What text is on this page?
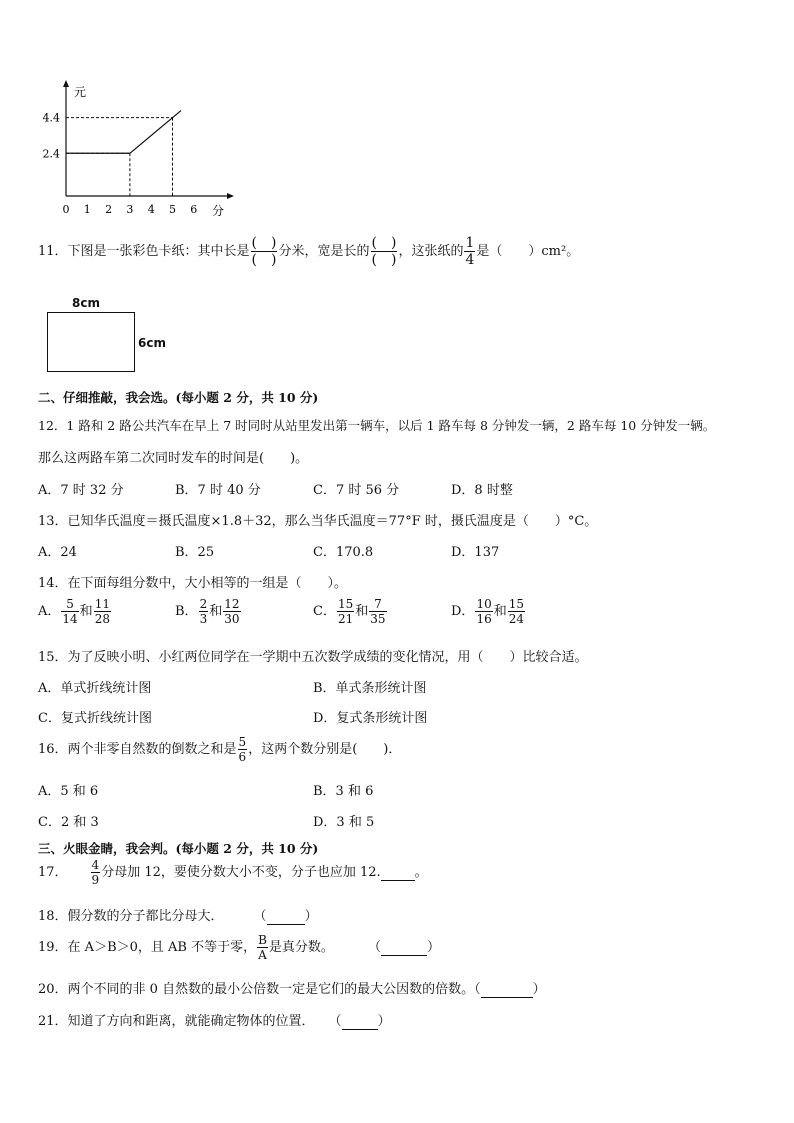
0 1 2 3 4 5 6
4.4
2.4
元
分
11．下图是一张彩色卡纸：其中长是 $\frac{( )}{( )}$ 分米，宽是长的 $\frac{( )}{( )}$ ，这张纸的 $\frac{1}{4}$ 是（　　）cm²。
8cm
6cm
二、仔细推敲，我会选。(每小题 2 分，共 10 分)
12．1 路和 2 路公共汽车在早上 7 时同时从站里发出第一辆车，以后 1 路车每 8 分钟发一辆，2 路车每 10 分钟发一辆。
那么这两路车第二次同时发车的时间是(　　)。
A．7 时 32 分	B．7 时 40 分	C．7 时 56 分	D．8 时整
13．已知华氏温度＝摄氏温度×1.8＋32，那么当华氏温度＝77°F 时，摄氏温度是（　　）°C。
A．24	B．25	C．170.8	D．137
14．在下面每组分数中，大小相等的一组是（　　）。
A． $\frac{5}{14}$ 和 $\frac{11}{28}$	B． $\frac{2}{3}$ 和 $\frac{12}{30}$	C． $\frac{15}{21}$ 和 $\frac{7}{35}$	D． $\frac{10}{16}$ 和 $\frac{15}{24}$
15．为了反映小明、小红两位同学在一学期中五次数学成绩的变化情况，用（　　）比较合适。
A．单式折线统计图	B．单式条形统计图
C．复式折线统计图	D．复式条形统计图
16．两个非零自然数的倒数之和是 $\frac{5}{6}$ ，这两个数分别是(　　)．
A．5 和 6	B．3 和 6
C．2 和 3	D．3 和 5
三、火眼金睛，我会判。(每小题 2 分，共 10 分)
17． $\frac{4}{9}$ 分母加 12，要使分数大小不变，分子也应加 12.	。
18．假分数的分子都比分母大． （	）
19．在 A＞B＞0，且 AB 不等于零， $\frac{B}{A}$ 是真分数。	（	）
20．两个不同的非 0 自然数的最小公倍数一定是它们的最大公因数的倍数。（	）
21．知道了方向和距离，就能确定物体的位置． （	）
